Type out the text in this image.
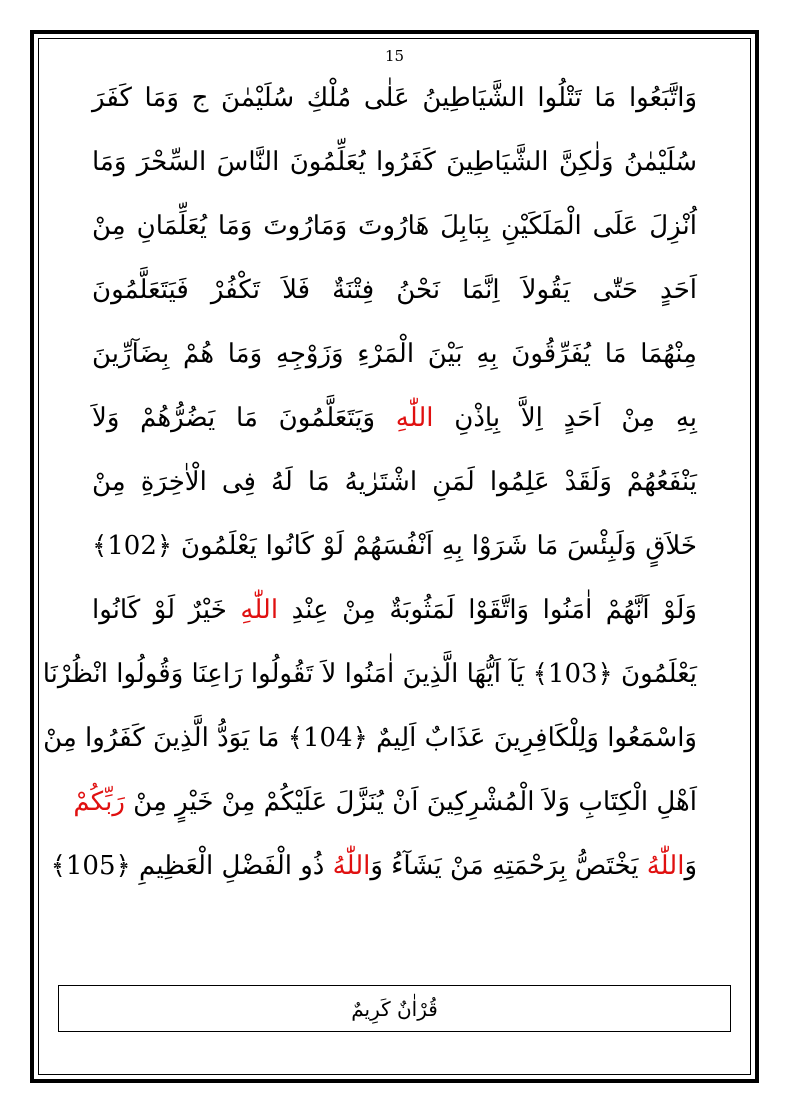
15
وَاتَّبَعُوا مَا تَتْلُوا الشَّيَاطِينُ عَلٰى مُلْكِ سُلَيْمٰنَ ج وَمَا كَفَرَ
سُلَيْمٰنُ وَلٰكِنَّ الشَّيَاطِينَ كَفَرُوا يُعَلِّمُونَ النَّاسَ السِّحْرَ وَمَا
اُنْزِلَ عَلَى الْمَلَكَيْنِ بِبَابِلَ هَارُوتَ وَمَارُوتَ وَمَا يُعَلِّمَانِ مِنْ
اَحَدٍ حَتّٰى يَقُولاَ اِنَّمَا نَحْنُ فِتْنَةٌ فَلاَ تَكْفُرْ فَيَتَعَلَّمُونَ
مِنْهُمَا مَا يُفَرِّقُونَ بِهِ بَيْنَ الْمَرْءِ وَزَوْجِهِ وَمَا هُمْ بِضَآرِّينَ
بِهِ مِنْ اَحَدٍ اِلاَّ بِاِذْنِ اللّٰهِ وَيَتَعَلَّمُونَ مَا يَضُرُّهُمْ وَلاَ
يَنْفَعُهُمْ وَلَقَدْ عَلِمُوا لَمَنِ اشْتَرٰيهُ مَا لَهُ فِى الْاٰخِرَةِ مِنْ
خَلاَقٍ وَلَبِئْسَ مَا شَرَوْا بِهِ اَنْفُسَهُمْ لَوْ كَانُوا يَعْلَمُونَ ﴿102﴾
وَلَوْ اَنَّهُمْ اٰمَنُوا وَاتَّقَوْا لَمَثُوبَةٌ مِنْ عِنْدِ اللّٰهِ خَيْرٌ لَوْ كَانُوا
يَعْلَمُونَ ﴿103﴾ يَآ اَيُّهَا الَّذِينَ اٰمَنُوا لاَ تَقُولُوا رَاعِنَا وَقُولُوا انْظُرْنَا
وَاسْمَعُوا وَلِلْكَافِرِينَ عَذَابٌ اَلِيمٌ ﴿104﴾ مَا يَوَدُّ الَّذِينَ كَفَرُوا مِنْ
اَهْلِ الْكِتَابِ وَلاَ الْمُشْرِكِينَ اَنْ يُنَزَّلَ عَلَيْكُمْ مِنْ خَيْرٍ مِنْ رَبِّكُمْ
وَاللّٰهُ يَخْتَصُّ بِرَحْمَتِهِ مَنْ يَشَآءُ وَاللّٰهُ ذُو الْفَضْلِ الْعَظِيمِ ﴿105﴾
قُرْاٰنٌ كَرِيمٌ
